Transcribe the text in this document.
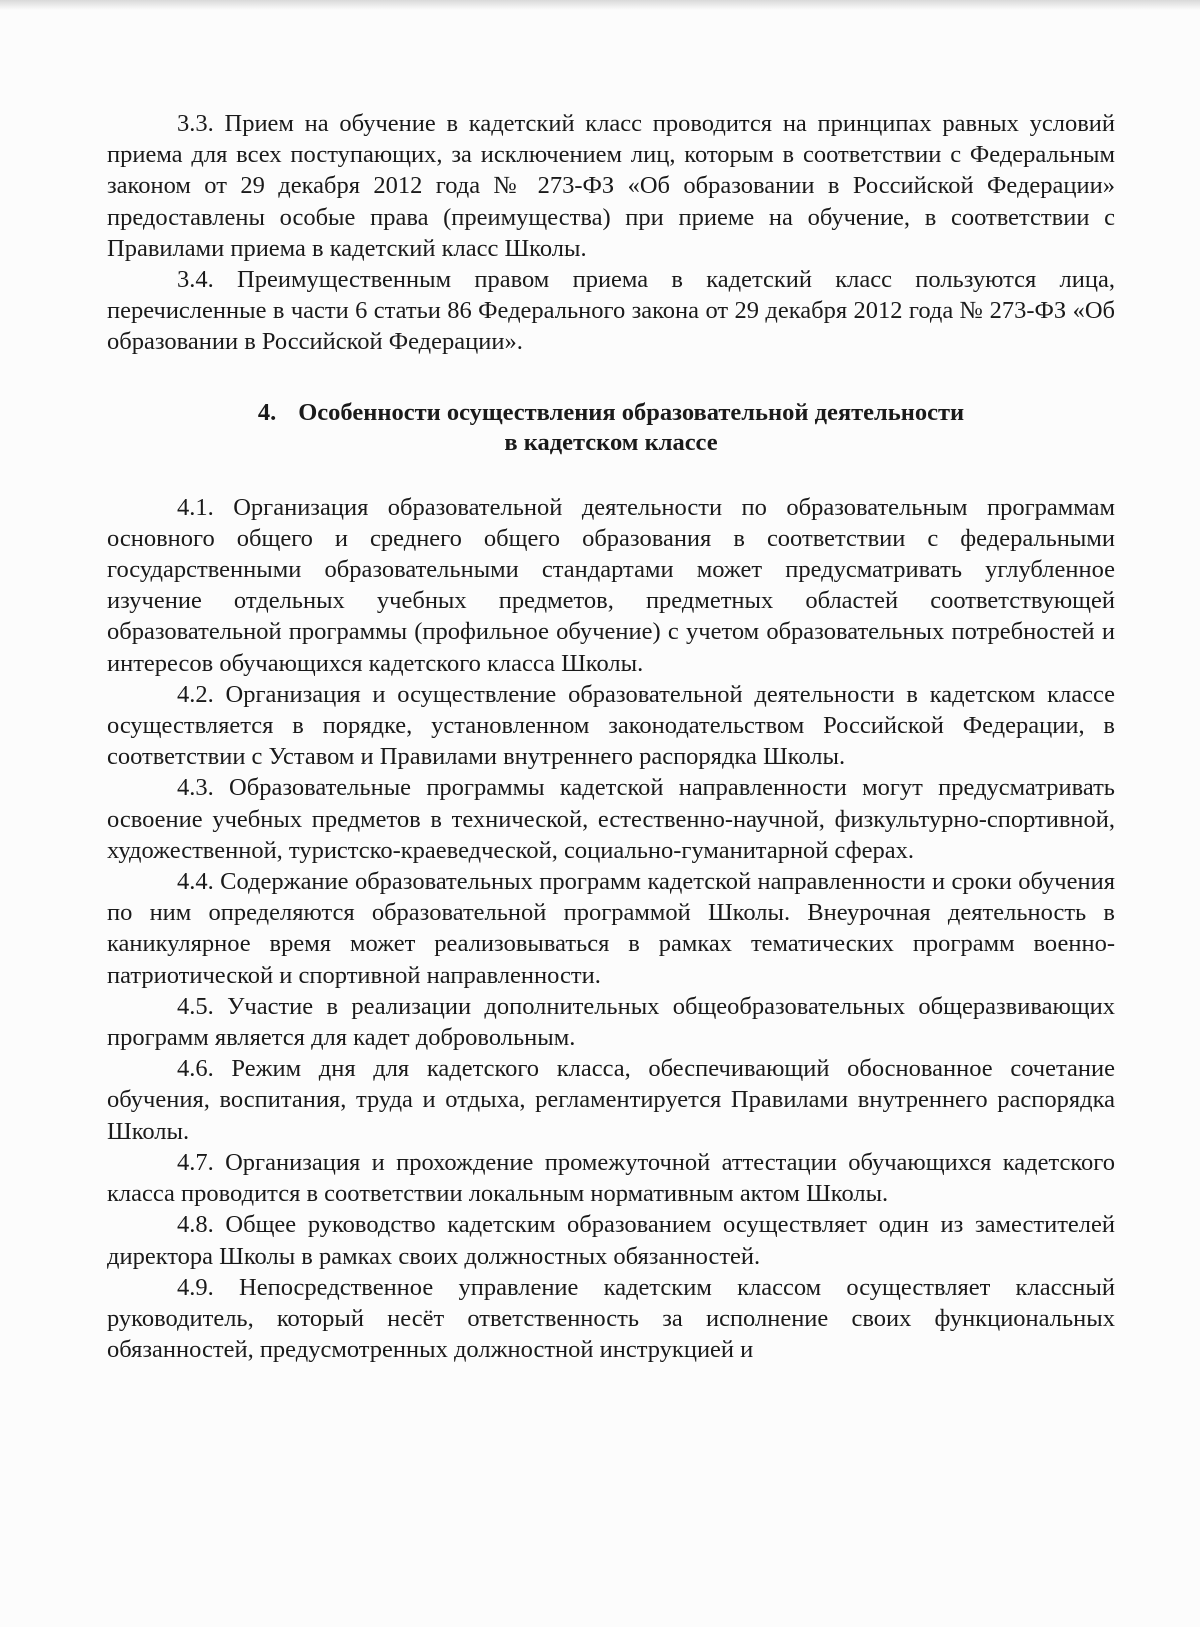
3.3. Прием на обучение в кадетский класс проводится на принципах равных условий приема для всех поступающих, за исключением лиц, которым в соответствии с Федеральным законом от 29 декабря 2012 года № 273-ФЗ «Об образовании в Российской Федерации» предоставлены особые права (преимущества) при приеме на обучение, в соответствии с Правилами приема в кадетский класс Школы.

3.4. Преимущественным правом приема в кадетский класс пользуются лица, перечисленные в части 6 статьи 86 Федерального закона от 29 декабря 2012 года № 273-ФЗ «Об образовании в Российской Федерации».

4. Особенности осуществления образовательной деятельности
в кадетском классе

4.1. Организация образовательной деятельности по образовательным программам основного общего и среднего общего образования в соответствии с федеральными государственными образовательными стандартами может предусматривать углубленное изучение отдельных учебных предметов, предметных областей соответствующей образовательной программы (профильное обучение) с учетом образовательных потребностей и интересов обучающихся кадетского класса Школы.

4.2. Организация и осуществление образовательной деятельности в кадетском классе осуществляется в порядке, установленном законодательством Российской Федерации, в соответствии с Уставом и Правилами внутреннего распорядка Школы.

4.3. Образовательные программы кадетской направленности могут предусматривать освоение учебных предметов в технической, естественно-научной, физкультурно-спортивной, художественной, туристско-краеведческой, социально-гуманитарной сферах.

4.4. Содержание образовательных программ кадетской направленности и сроки обучения по ним определяются образовательной программой Школы. Внеурочная деятельность в каникулярное время может реализовываться в рамках тематических программ военно-патриотической и спортивной направленности.

4.5. Участие в реализации дополнительных общеобразовательных общеразвивающих программ является для кадет добровольным.

4.6. Режим дня для кадетского класса, обеспечивающий обоснованное сочетание обучения, воспитания, труда и отдыха, регламентируется Правилами внутреннего распорядка Школы.

4.7. Организация и прохождение промежуточной аттестации обучающихся кадетского класса проводится в соответствии локальным нормативным актом Школы.

4.8. Общее руководство кадетским образованием осуществляет один из заместителей директора Школы в рамках своих должностных обязанностей.

4.9. Непосредственное управление кадетским классом осуществляет классный руководитель, который несёт ответственность за исполнение своих функциональных обязанностей, предусмотренных должностной инструкцией и
